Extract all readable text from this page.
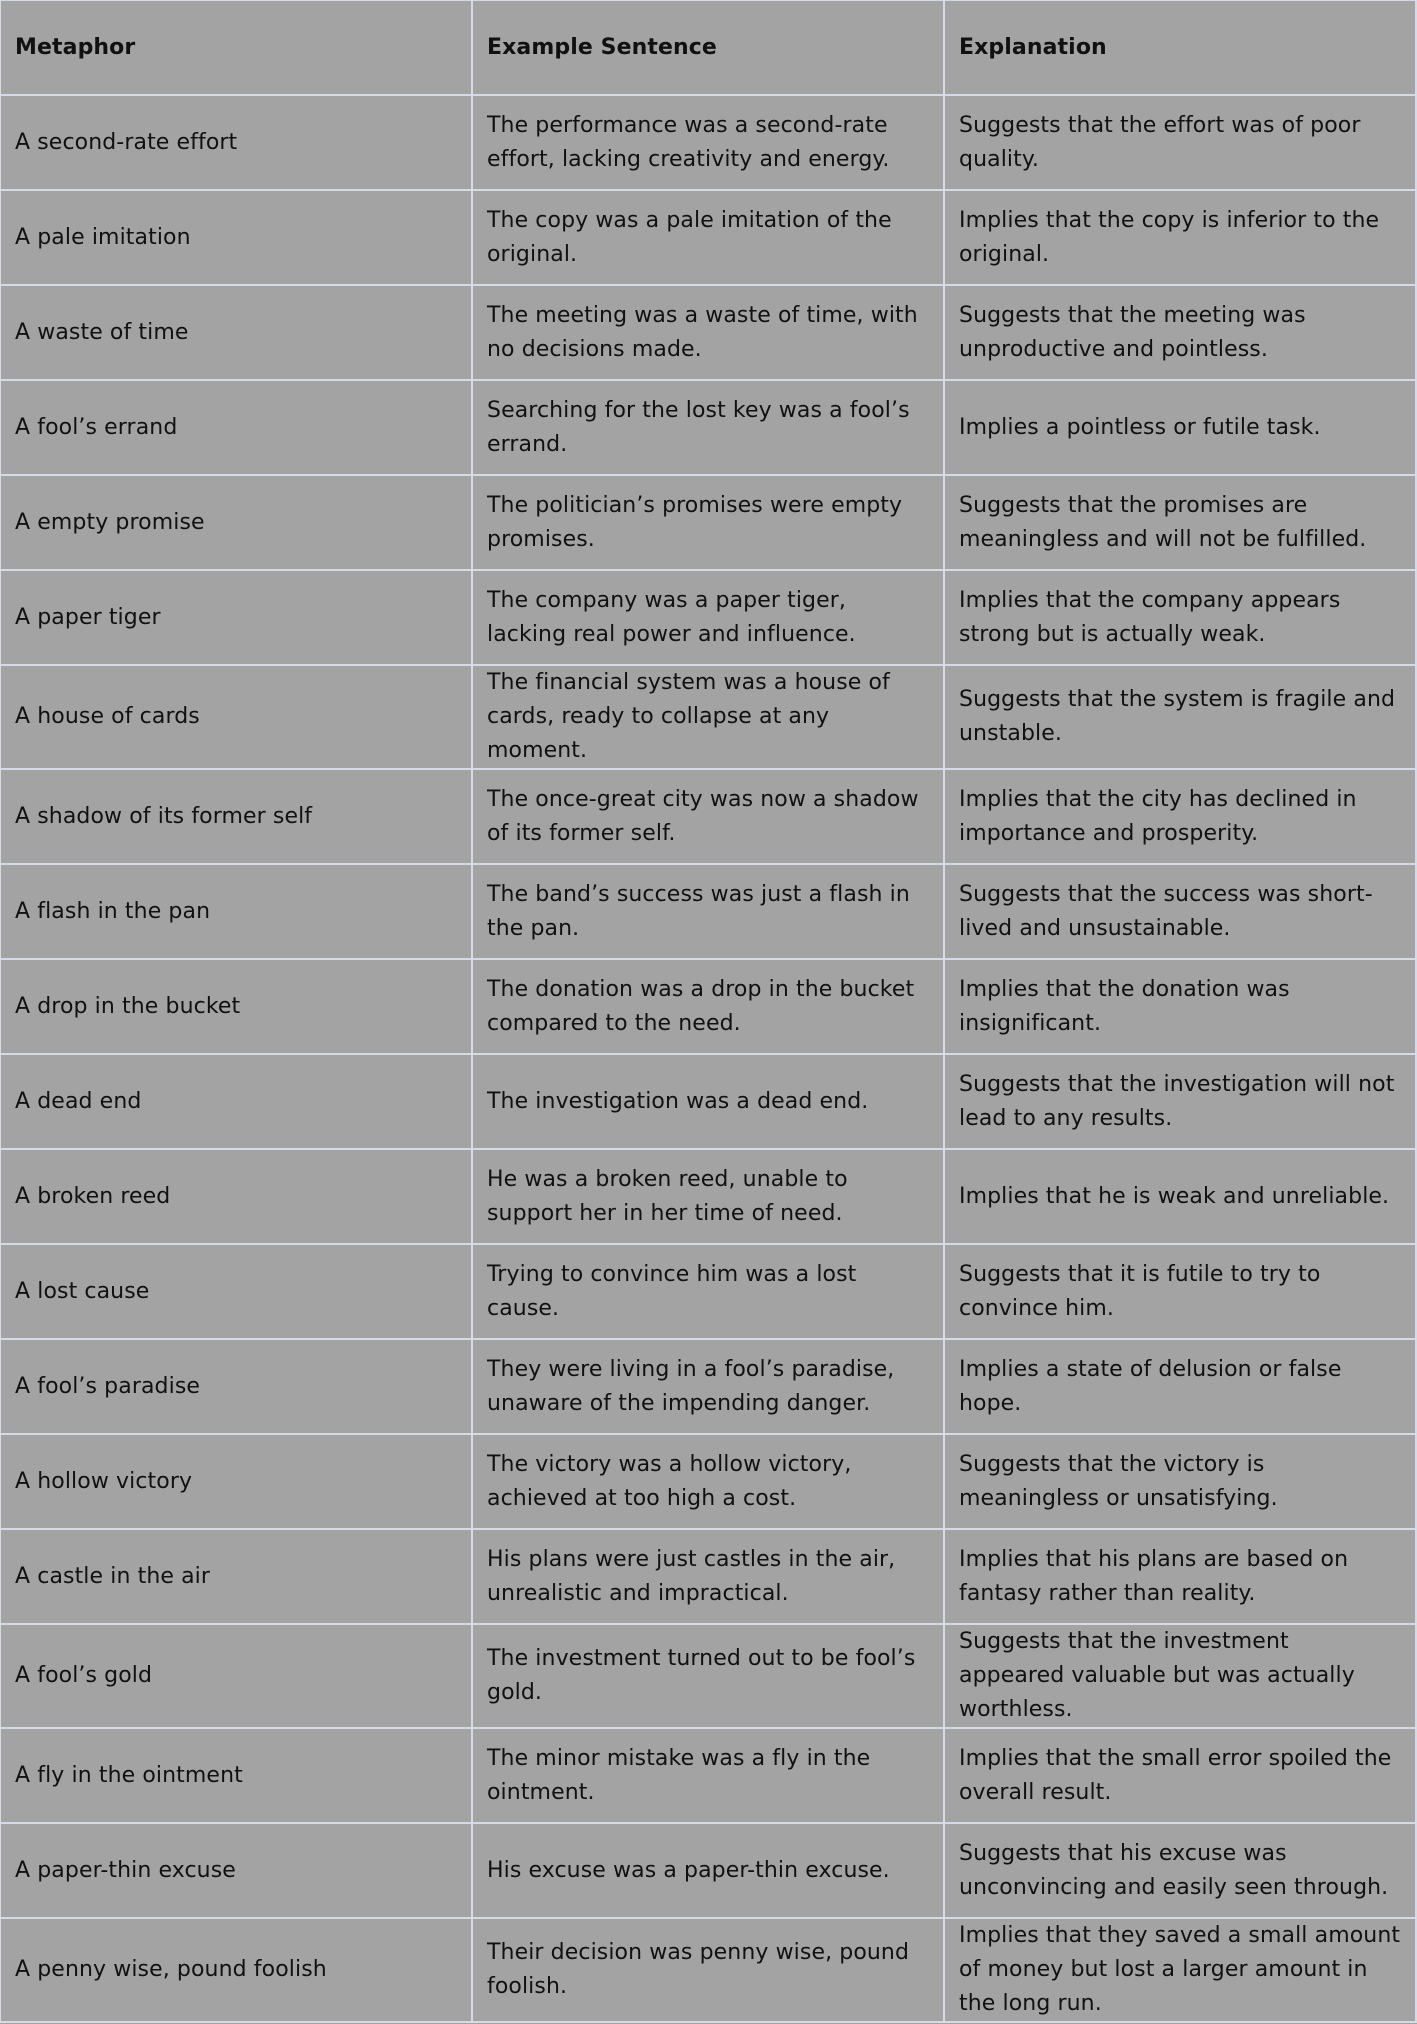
Metaphor	Example Sentence	Explanation
A second-rate effort	The performance was a second-rate effort, lacking creativity and energy.	Suggests that the effort was of poor quality.
A pale imitation	The copy was a pale imitation of the original.	Implies that the copy is inferior to the original.
A waste of time	The meeting was a waste of time, with no decisions made.	Suggests that the meeting was unproductive and pointless.
A fool’s errand	Searching for the lost key was a fool’s errand.	Implies a pointless or futile task.
A empty promise	The politician’s promises were empty promises.	Suggests that the promises are meaningless and will not be fulfilled.
A paper tiger	The company was a paper tiger, lacking real power and influence.	Implies that the company appears strong but is actually weak.
A house of cards	The financial system was a house of cards, ready to collapse at any moment.	Suggests that the system is fragile and unstable.
A shadow of its former self	The once-great city was now a shadow of its former self.	Implies that the city has declined in importance and prosperity.
A flash in the pan	The band’s success was just a flash in the pan.	Suggests that the success was short-lived and unsustainable.
A drop in the bucket	The donation was a drop in the bucket compared to the need.	Implies that the donation was insignificant.
A dead end	The investigation was a dead end.	Suggests that the investigation will not lead to any results.
A broken reed	He was a broken reed, unable to support her in her time of need.	Implies that he is weak and unreliable.
A lost cause	Trying to convince him was a lost cause.	Suggests that it is futile to try to convince him.
A fool’s paradise	They were living in a fool’s paradise, unaware of the impending danger.	Implies a state of delusion or false hope.
A hollow victory	The victory was a hollow victory, achieved at too high a cost.	Suggests that the victory is meaningless or unsatisfying.
A castle in the air	His plans were just castles in the air, unrealistic and impractical.	Implies that his plans are based on fantasy rather than reality.
A fool’s gold	The investment turned out to be fool’s gold.	Suggests that the investment appeared valuable but was actually worthless.
A fly in the ointment	The minor mistake was a fly in the ointment.	Implies that the small error spoiled the overall result.
A paper-thin excuse	His excuse was a paper-thin excuse.	Suggests that his excuse was unconvincing and easily seen through.
A penny wise, pound foolish	Their decision was penny wise, pound foolish.	Implies that they saved a small amount of money but lost a larger amount in the long run.
